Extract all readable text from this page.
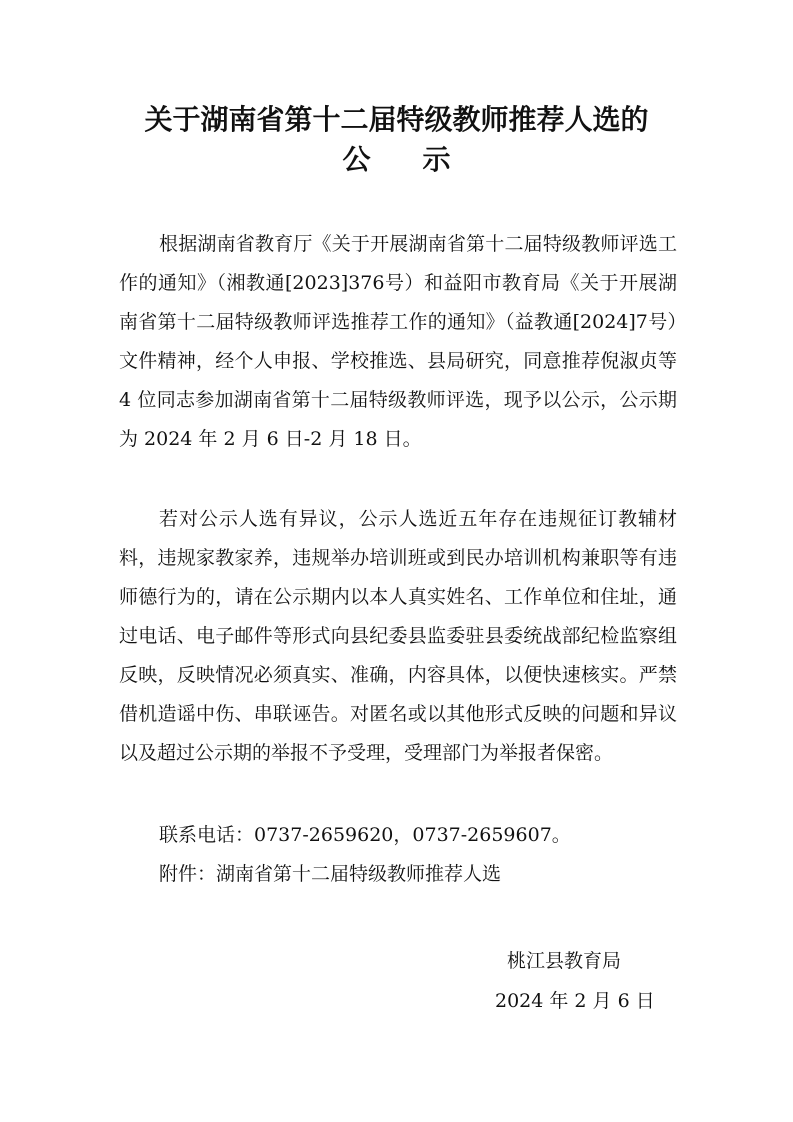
关于湖南省第十二届特级教师推荐人选的
公示

根据湖南省教育厅《关于开展湖南省第十二届特级教师评选工作的通知》（湘教通[2023]376号）和益阳市教育局《关于开展湖南省第十二届特级教师评选推荐工作的通知》（益教通[2024]7号）文件精神，经个人申报、学校推选、县局研究，同意推荐倪淑贞等 4 位同志参加湖南省第十二届特级教师评选，现予以公示，公示期为 2024 年 2 月 6 日-2 月 18 日。

若对公示人选有异议，公示人选近五年存在违规征订教辅材料，违规家教家养，违规举办培训班或到民办培训机构兼职等有违师德行为的，请在公示期内以本人真实姓名、工作单位和住址，通过电话、电子邮件等形式向县纪委县监委驻县委统战部纪检监察组反映，反映情况必须真实、准确，内容具体，以便快速核实。严禁借机造谣中伤、串联诬告。对匿名或以其他形式反映的问题和异议以及超过公示期的举报不予受理，受理部门为举报者保密。

联系电话：0737-2659620，0737-2659607。

附件：湖南省第十二届特级教师推荐人选

桃江县教育局

2024 年 2 月 6 日
